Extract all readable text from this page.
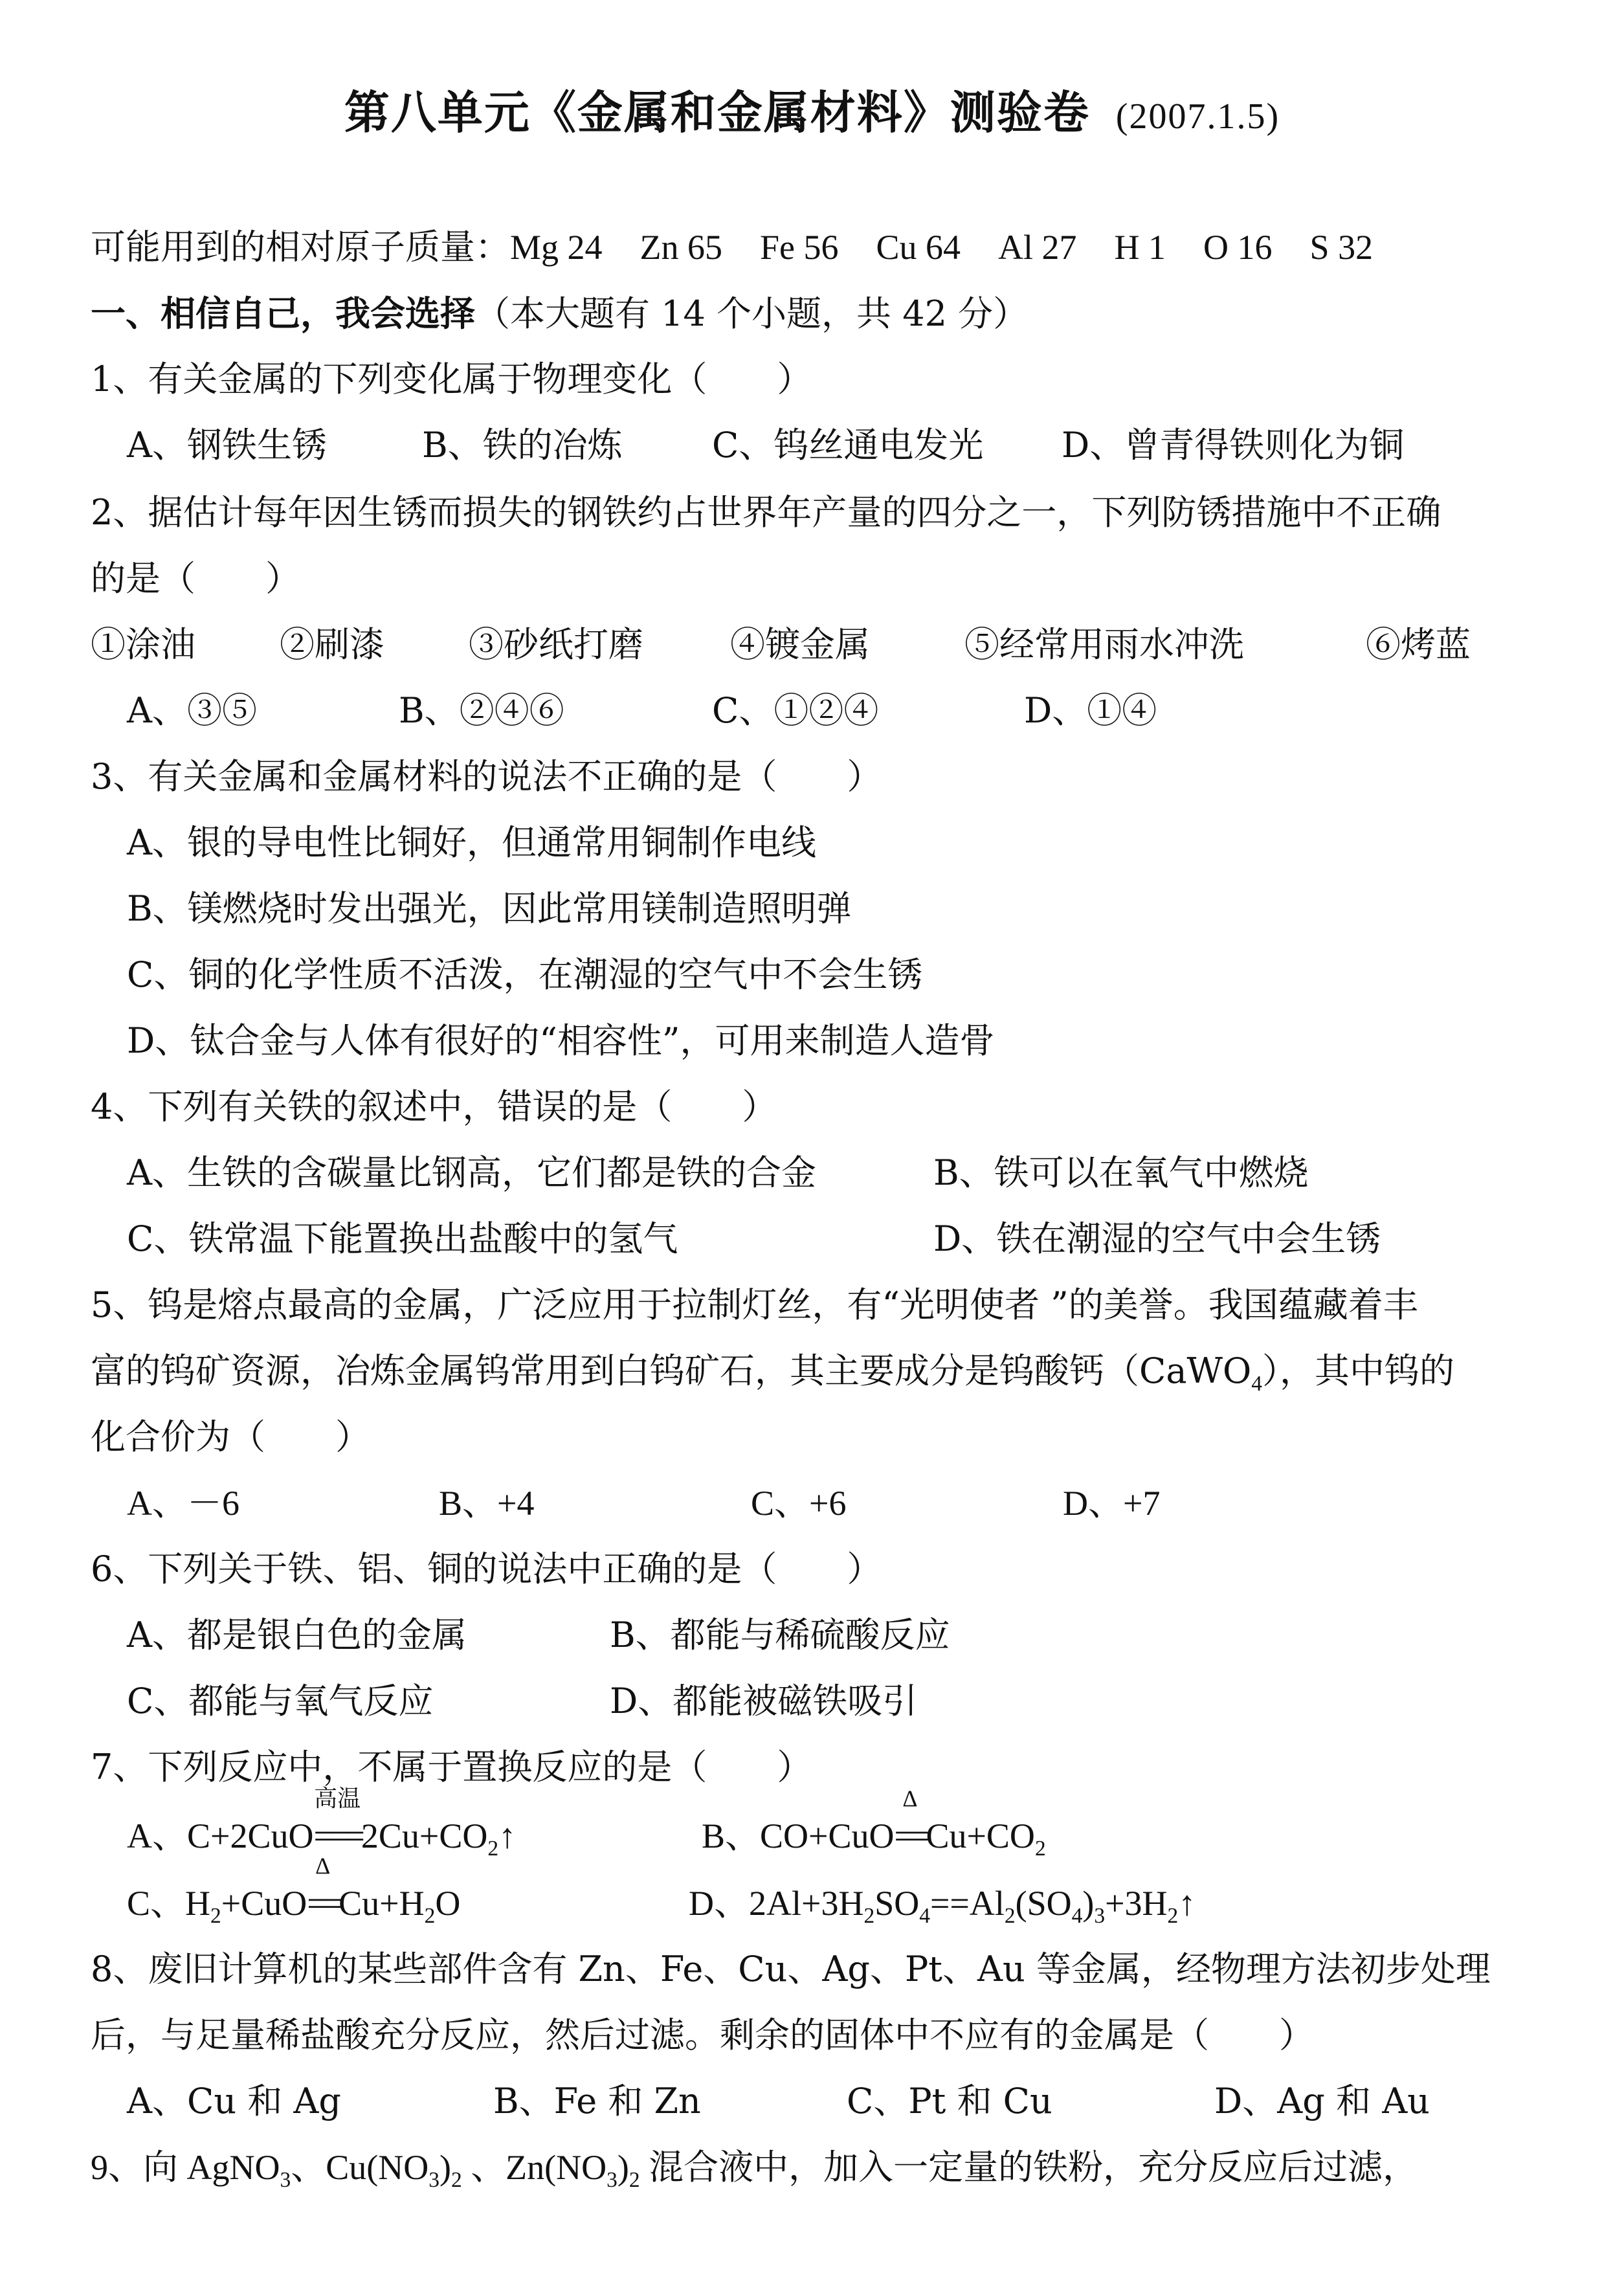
第八单元《金属和金属材料》测验卷 (2007.1.5)
可能用到的相对原子质量：Mg 24 Zn 65 Fe 56 Cu 64 Al 27 H 1 O 16 S 32
一、相信自己，我会选择（本大题有 14 个小题，共 42 分）
1、有关金属的下列变化属于物理变化（　　）
A、钢铁生锈	B、铁的冶炼	C、钨丝通电发光 D、曾青得铁则化为铜
2、据估计每年因生锈而损失的钢铁约占世界年产量的四分之一，下列防锈措施中不正确
的是（　　）
①涂油 ②刷漆 ③砂纸打磨 ④镀金属	⑤经常用雨水冲洗	⑥烤蓝
A、③⑤	B、②④⑥	C、①②④	D、①④
3、有关金属和金属材料的说法不正确的是（　　）
A、银的导电性比铜好，但通常用铜制作电线
B、镁燃烧时发出强光，因此常用镁制造照明弹
C、铜的化学性质不活泼，在潮湿的空气中不会生锈
D、钛合金与人体有很好的“相容性”，可用来制造人造骨
4、下列有关铁的叙述中，错误的是（　　）
A、生铁的含碳量比钢高，它们都是铁的合金	B、铁可以在氧气中燃烧
C、铁常温下能置换出盐酸中的氢气	D、铁在潮湿的空气中会生锈
5、钨是熔点最高的金属，广泛应用于拉制灯丝，有“光明使者 ”的美誉。我国蕴藏着丰
富的钨矿资源，冶炼金属钨常用到白钨矿石，其主要成分是钨酸钙（CaWO$_4$），其中钨的
化合价为（　　）
A、－6	B、+4	C、+6	D、+7
6、下列关于铁、铝、铜的说法中正确的是（　　）
A、都是银白色的金属	B、都能与稀硫酸反应
C、都能与氧气反应	D、都能被磁铁吸引
7、下列反应中，不属于置换反应的是（　　）
A、C+2CuO
高温
$===2Cu+CO_2↑$	B、CO+CuO
Δ
$==Cu+CO_2$
C、$H_2+CuO$
Δ
$==Cu+H_2O$	D、$2Al+3H_2SO_4==Al_2(SO_4)_3+3H_2↑$
8、废旧计算机的某些部件含有 Zn、Fe、Cu、Ag、Pt、Au 等金属，经物理方法初步处理
后，与足量稀盐酸充分反应，然后过滤。剩余的固体中不应有的金属是（　　）
A、Cu 和 Ag	B、Fe 和 Zn	C、Pt 和 Cu	D、Ag 和 Au
9、向 AgNO$_3$、$Cu(NO_3)_2$ 、$Zn(NO_3)_2$ 混合液中，加入一定量的铁粉，充分反应后过滤，
